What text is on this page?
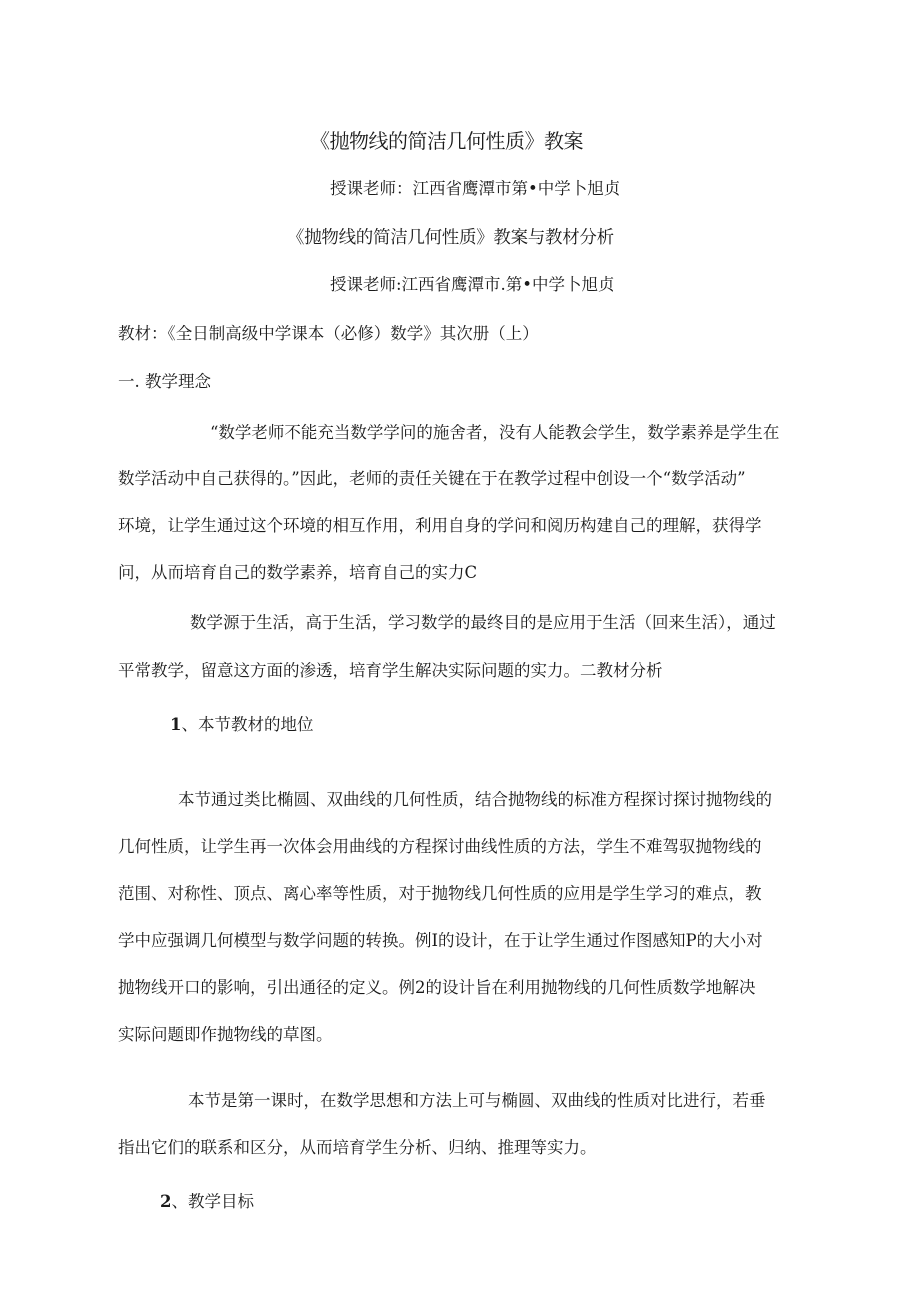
《抛物线的简洁几何性质》教案

授课老师：江西省鹰潭市第•中学卜旭贞

《抛物线的简洁几何性质》教案与教材分析

授课老师:江西省鹰潭市.第•中学卜旭贞

教材：《全日制高级中学课本（必修）数学》其次册（上）

一. 教学理念

“数学老师不能充当数学学问的施舍者，没有人能教会学生，数学素养是学生在

数学活动中自己获得的。”因此，老师的责任关键在于在教学过程中创设一个“数学活动”

环境，让学生通过这个环境的相互作用，利用自身的学问和阅历构建自己的理解，获得学

问，从而培育自己的数学素养，培育自己的实力C

数学源于生活，高于生活，学习数学的最终目的是应用于生活（回来生活），通过

平常教学，留意这方面的渗透，培育学生解决实际问题的实力。二教材分析

1、本节教材的地位

本节通过类比椭圆、双曲线的几何性质，结合抛物线的标准方程探讨探讨抛物线的

几何性质，让学生再一次体会用曲线的方程探讨曲线性质的方法，学生不难驾驭抛物线的

范围、对称性、顶点、离心率等性质，对于抛物线几何性质的应用是学生学习的难点，教

学中应强调几何模型与数学问题的转换。例I的设计，在于让学生通过作图感知P的大小对

抛物线开口的影响，引出通径的定义。例2的设计旨在利用抛物线的几何性质数学地解决

实际问题即作抛物线的草图。

本节是第一课时，在数学思想和方法上可与椭圆、双曲线的性质对比进行，若垂

指出它们的联系和区分，从而培育学生分析、归纳、推理等实力。

2、教学目标
